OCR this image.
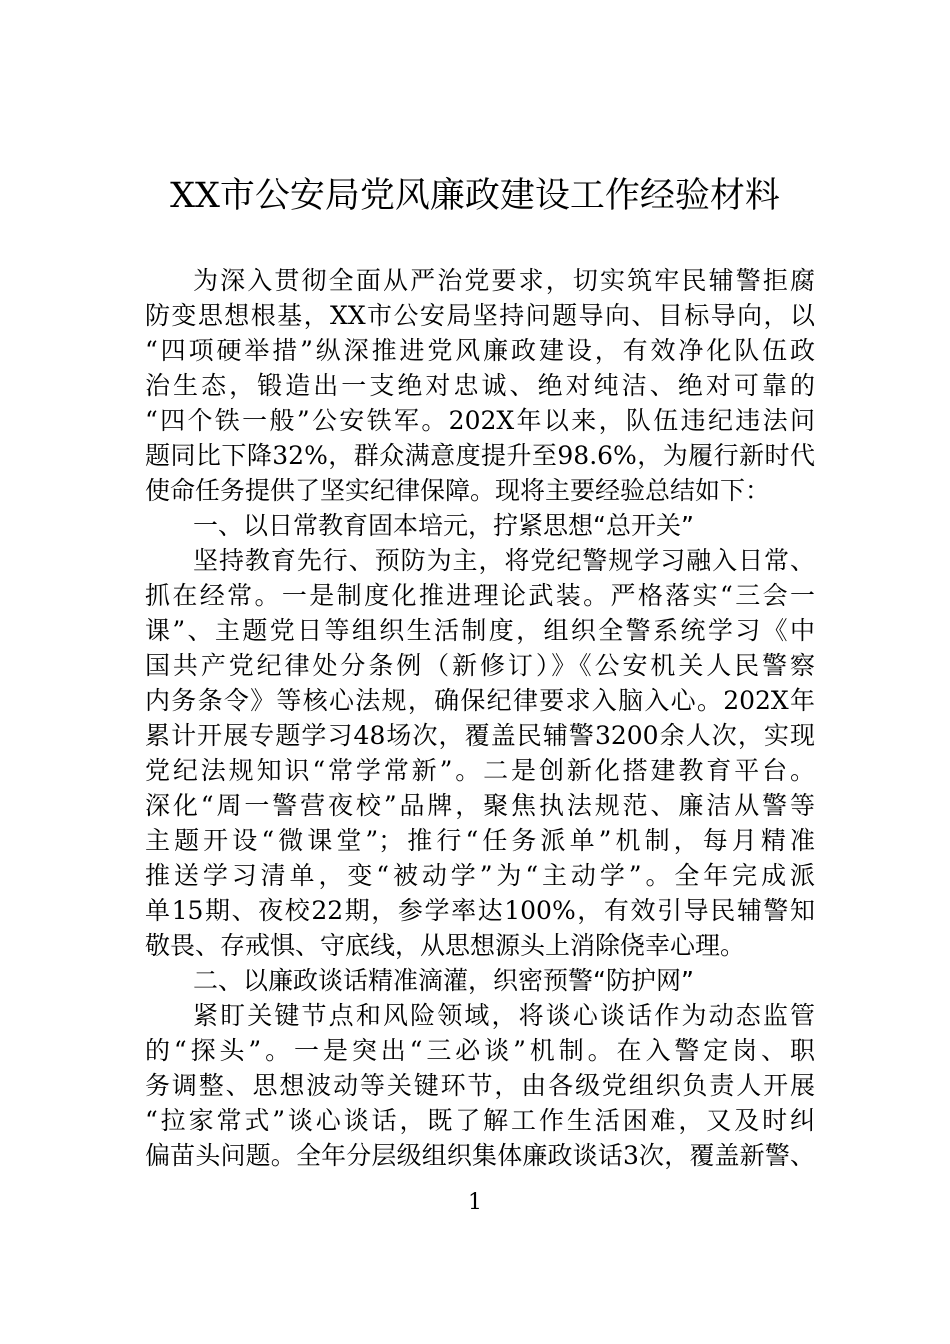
XX市公安局党风廉政建设工作经验材料

为深入贯彻全面从严治党要求，切实筑牢民辅警拒腐
防变思想根基，XX市公安局坚持问题导向、目标导向，以
“四项硬举措”纵深推进党风廉政建设，有效净化队伍政
治生态，锻造出一支绝对忠诚、绝对纯洁、绝对可靠的
“四个铁一般”公安铁军。202X年以来，队伍违纪违法问
题同比下降32%，群众满意度提升至98.6%，为履行新时代
使命任务提供了坚实纪律保障。现将主要经验总结如下：

一、以日常教育固本培元，拧紧思想“总开关”
坚持教育先行、预防为主，将党纪警规学习融入日常、
抓在经常。一是制度化推进理论武装。严格落实“三会一
课”、主题党日等组织生活制度，组织全警系统学习《中
国共产党纪律处分条例（新修订）》《公安机关人民警察
内务条令》等核心法规，确保纪律要求入脑入心。202X年
累计开展专题学习48场次，覆盖民辅警3200余人次，实现
党纪法规知识“常学常新”。二是创新化搭建教育平台。
深化“周一警营夜校”品牌，聚焦执法规范、廉洁从警等
主题开设“微课堂”；推行“任务派单”机制，每月精准
推送学习清单，变“被动学”为“主动学”。全年完成派
单15期、夜校22期，参学率达100%，有效引导民辅警知
敬畏、存戒惧、守底线，从思想源头上消除侥幸心理。

二、以廉政谈话精准滴灌，织密预警“防护网”
紧盯关键节点和风险领域，将谈心谈话作为动态监管
的“探头”。一是突出“三必谈”机制。在入警定岗、职
务调整、思想波动等关键环节，由各级党组织负责人开展
“拉家常式”谈心谈话，既了解工作生活困难，又及时纠
偏苗头问题。全年分层级组织集体廉政谈话3次，覆盖新警、

1
